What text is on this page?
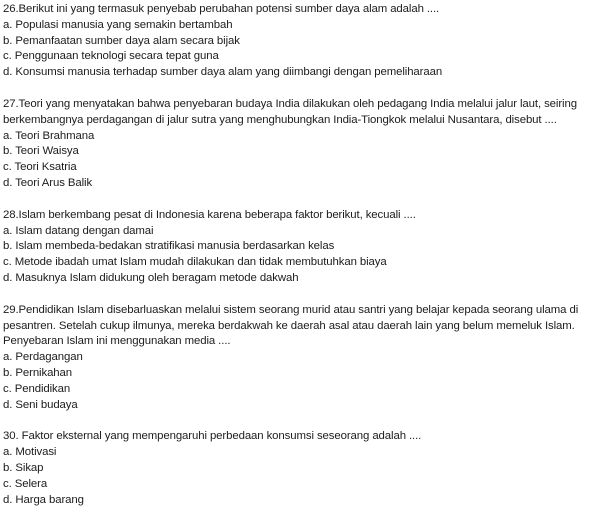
26.Berikut ini yang termasuk penyebab perubahan potensi sumber daya alam adalah ....

a . Populasi manusia yang semakin bertambah
b . Pemanfaatan sumber daya alam secara bijak
c . Penggunaan teknologi secara tepat guna
d . Konsumsi manusia terhadap sumber daya alam yang diimbangi dengan pemeliharaan

27.Teori yang menyatakan bahwa penyebaran budaya India dilakukan oleh pedagang India melalui jalur laut, seiring berkembangnya perdagangan di jalur sutra yang menghubungkan India-Tiongkok melalui Nusantara, disebut ....

a . Teori Brahmana
b . Teori Waisya
c . Teori Ksatria
d . Teori Arus Balik

28.Islam berkembang pesat di Indonesia karena beberapa faktor berikut, kecuali ....

a . Islam datang dengan damai
b . Islam membeda-bedakan stratifikasi manusia berdasarkan kelas
c . Metode ibadah umat Islam mudah dilakukan dan tidak membutuhkan biaya
d . Masuknya Islam didukung oleh beragam metode dakwah

29.Pendidikan Islam disebarluaskan melalui sistem seorang murid atau santri yang belajar kepada seorang ulama di pesantren. Setelah cukup ilmunya, mereka berdakwah ke daerah asal atau daerah lain yang belum memeluk Islam. Penyebaran Islam ini menggunakan media ....

a . Perdagangan
b . Pernikahan
c . Pendidikan
d . Seni budaya

30. Faktor eksternal yang mempengaruhi perbedaan konsumsi seseorang adalah ....

a . Motivasi
b . Sikap
c . Selera
d . Harga barang
